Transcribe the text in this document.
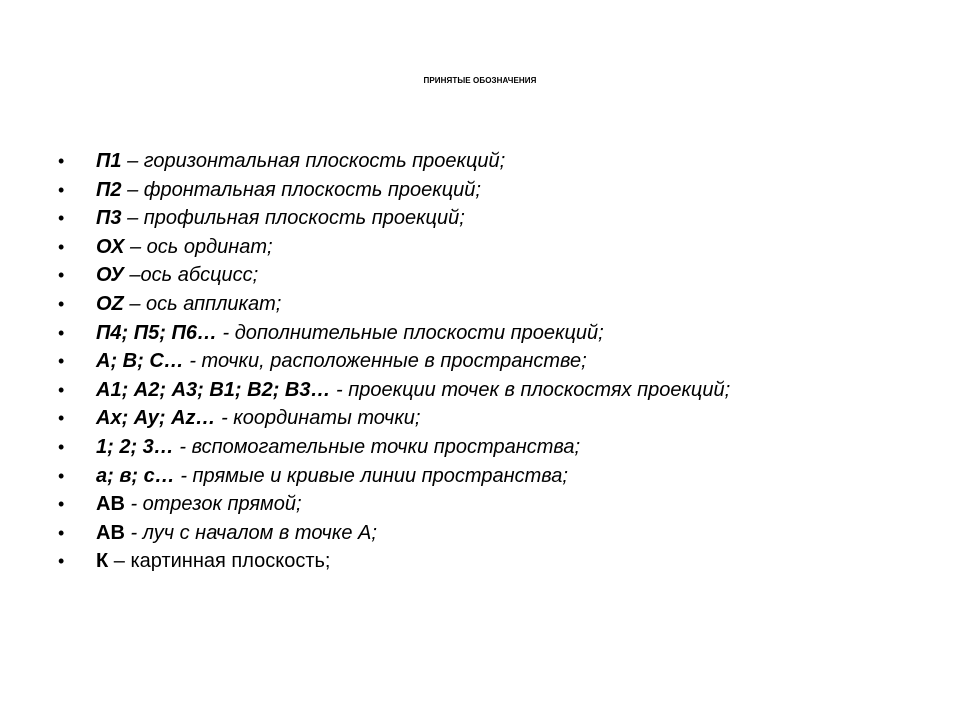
ПРИНЯТЫЕ ОБОЗНАЧЕНИЯ
• П1 – горизонтальная плоскость проекций;
• П2 – фронтальная плоскость проекций;
• П3 – профильная плоскость проекций;
• ОХ – ось ординат;
• ОУ –ось абсцисс;
• OZ – ось аппликат;
• П4; П5; П6… - дополнительные плоскости проекций;
• А; В; С… - точки, расположенные в пространстве;
• А1; А2; А3; В1; В2; В3… - проекции точек в плоскостях проекций;
• Ах; Ау; Аz… - координаты точки;
• 1; 2; 3… - вспомогательные точки пространства;
• а; в; с… - прямые и кривые линии пространства;
• АВ - отрезок прямой;
• АВ - луч с началом в точке А;
• К – картинная плоскость;
